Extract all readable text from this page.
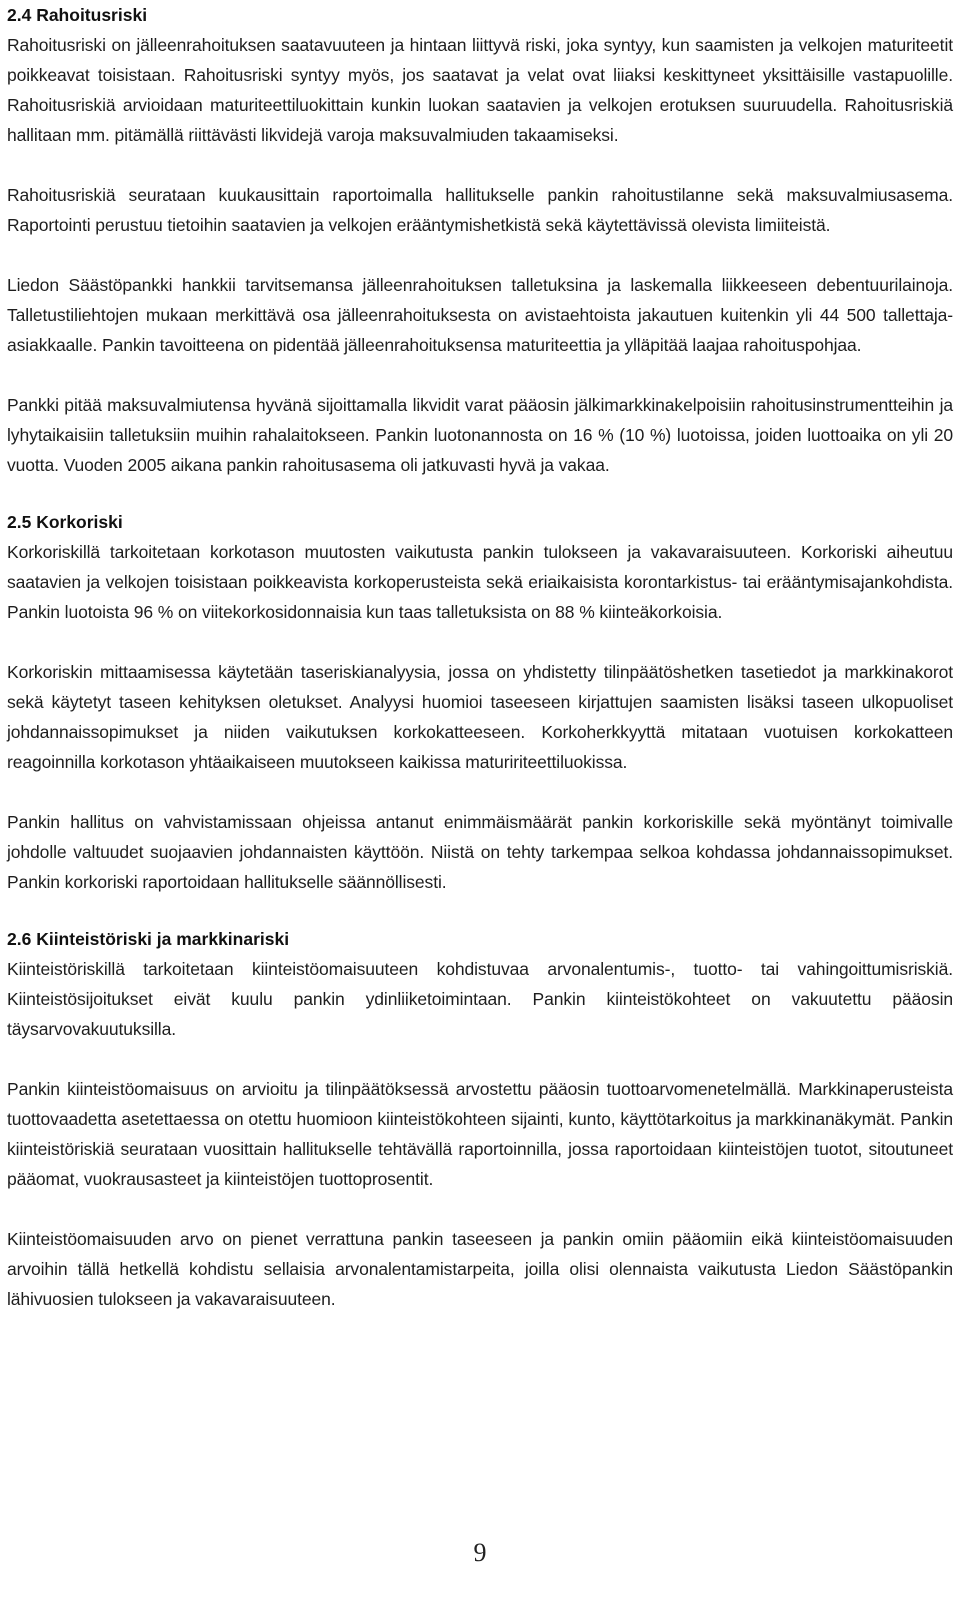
2.4 Rahoitusriski

Rahoitusriski on jälleenrahoituksen saatavuuteen ja hintaan liittyvä riski, joka syntyy, kun saamisten ja velkojen maturiteetit poikkeavat toisistaan. Rahoitusriski syntyy myös, jos saatavat ja velat ovat liiaksi keskittyneet yksittäisille vastapuolille. Rahoitusriskiä arvioidaan maturiteettiluokittain kunkin luokan saatavien ja velkojen erotuksen suuruudella. Rahoitusriskiä hallitaan mm. pitämällä riittävästi likvidejä varoja maksuvalmiuden takaamiseksi.

Rahoitusriskiä seurataan kuukausittain raportoimalla hallitukselle pankin rahoitustilanne sekä maksuvalmiusasema. Raportointi perustuu tietoihin saatavien ja velkojen erääntymishetkistä sekä käytettävissä olevista limiiteistä.

Liedon Säästöpankki hankkii tarvitsemansa jälleenrahoituksen talletuksina ja laskemalla liikkeeseen debentuurilainoja. Talletustiliehtojen mukaan merkittävä osa jälleenrahoituksesta on avistaehtoista jakautuen kuitenkin yli 44 500 tallettaja-asiakkaalle. Pankin tavoitteena on pidentää jälleenrahoituksensa maturiteettia ja ylläpitää laajaa rahoituspohjaa.

Pankki pitää maksuvalmiutensa hyvänä sijoittamalla likvidit varat pääosin jälkimarkkinakelpoisiin rahoitusinstrumentteihin ja lyhytaikaisiin talletuksiin muihin rahalaitokseen. Pankin luotonannosta on 16 % (10 %) luotoissa, joiden luottoaika on yli 20 vuotta. Vuoden 2005 aikana pankin rahoitusasema oli jatkuvasti hyvä ja vakaa.

2.5 Korkoriski

Korkoriskillä tarkoitetaan korkotason muutosten vaikutusta pankin tulokseen ja vakavaraisuuteen. Korkoriski aiheutuu saatavien ja velkojen toisistaan poikkeavista korkoperusteista sekä eriaikaisista korontarkistus- tai erääntymisajankohdista. Pankin luotoista 96 % on viitekorkosidonnaisia kun taas talletuksista on 88 % kiinteäkorkoisia.

Korkoriskin mittaamisessa käytetään taseriskianalyysia, jossa on yhdistetty tilinpäätöshetken tasetiedot ja markkinakorot sekä käytetyt taseen kehityksen oletukset. Analyysi huomioi taseeseen kirjattujen saamisten lisäksi taseen ulkopuoliset johdannaissopimukset ja niiden vaikutuksen korkokatteeseen. Korkoherkkyyttä mitataan vuotuisen korkokatteen reagoinnilla korkotason yhtäaikaiseen muutokseen kaikissa matuririteettiluokissa.

Pankin hallitus on vahvistamissaan ohjeissa antanut enimmäismäärät pankin korkoriskille sekä myöntänyt toimivalle johdolle valtuudet suojaavien johdannaisten käyttöön. Niistä on tehty tarkempaa selkoa kohdassa johdannaissopimukset. Pankin korkoriski raportoidaan hallitukselle säännöllisesti.

2.6 Kiinteistöriski ja markkinariski

Kiinteistöriskillä tarkoitetaan kiinteistöomaisuuteen kohdistuvaa arvonalentumis-, tuotto- tai vahingoittumisriskiä. Kiinteistösijoitukset eivät kuulu pankin ydinliiketoimintaan. Pankin kiinteistökohteet on vakuutettu pääosin täysarvovakuutuksilla.

Pankin kiinteistöomaisuus on arvioitu ja tilinpäätöksessä arvostettu pääosin tuottoarvomenetelmällä. Markkinaperusteista tuottovaadetta asetettaessa on otettu huomioon kiinteistökohteen sijainti, kunto, käyttötarkoitus ja markkinanäkymät. Pankin kiinteistöriskiä seurataan vuosittain hallitukselle tehtävällä raportoinnilla, jossa raportoidaan kiinteistöjen tuotot, sitoutuneet pääomat, vuokrausasteet ja kiinteistöjen tuottoprosentit.

Kiinteistöomaisuuden arvo on pienet verrattuna pankin taseeseen ja pankin omiin pääomiin eikä kiinteistöomaisuuden arvoihin tällä hetkellä kohdistu sellaisia arvonalentamistarpeita, joilla olisi olennaista vaikutusta Liedon Säästöpankin lähivuosien tulokseen ja vakavaraisuuteen.

9
